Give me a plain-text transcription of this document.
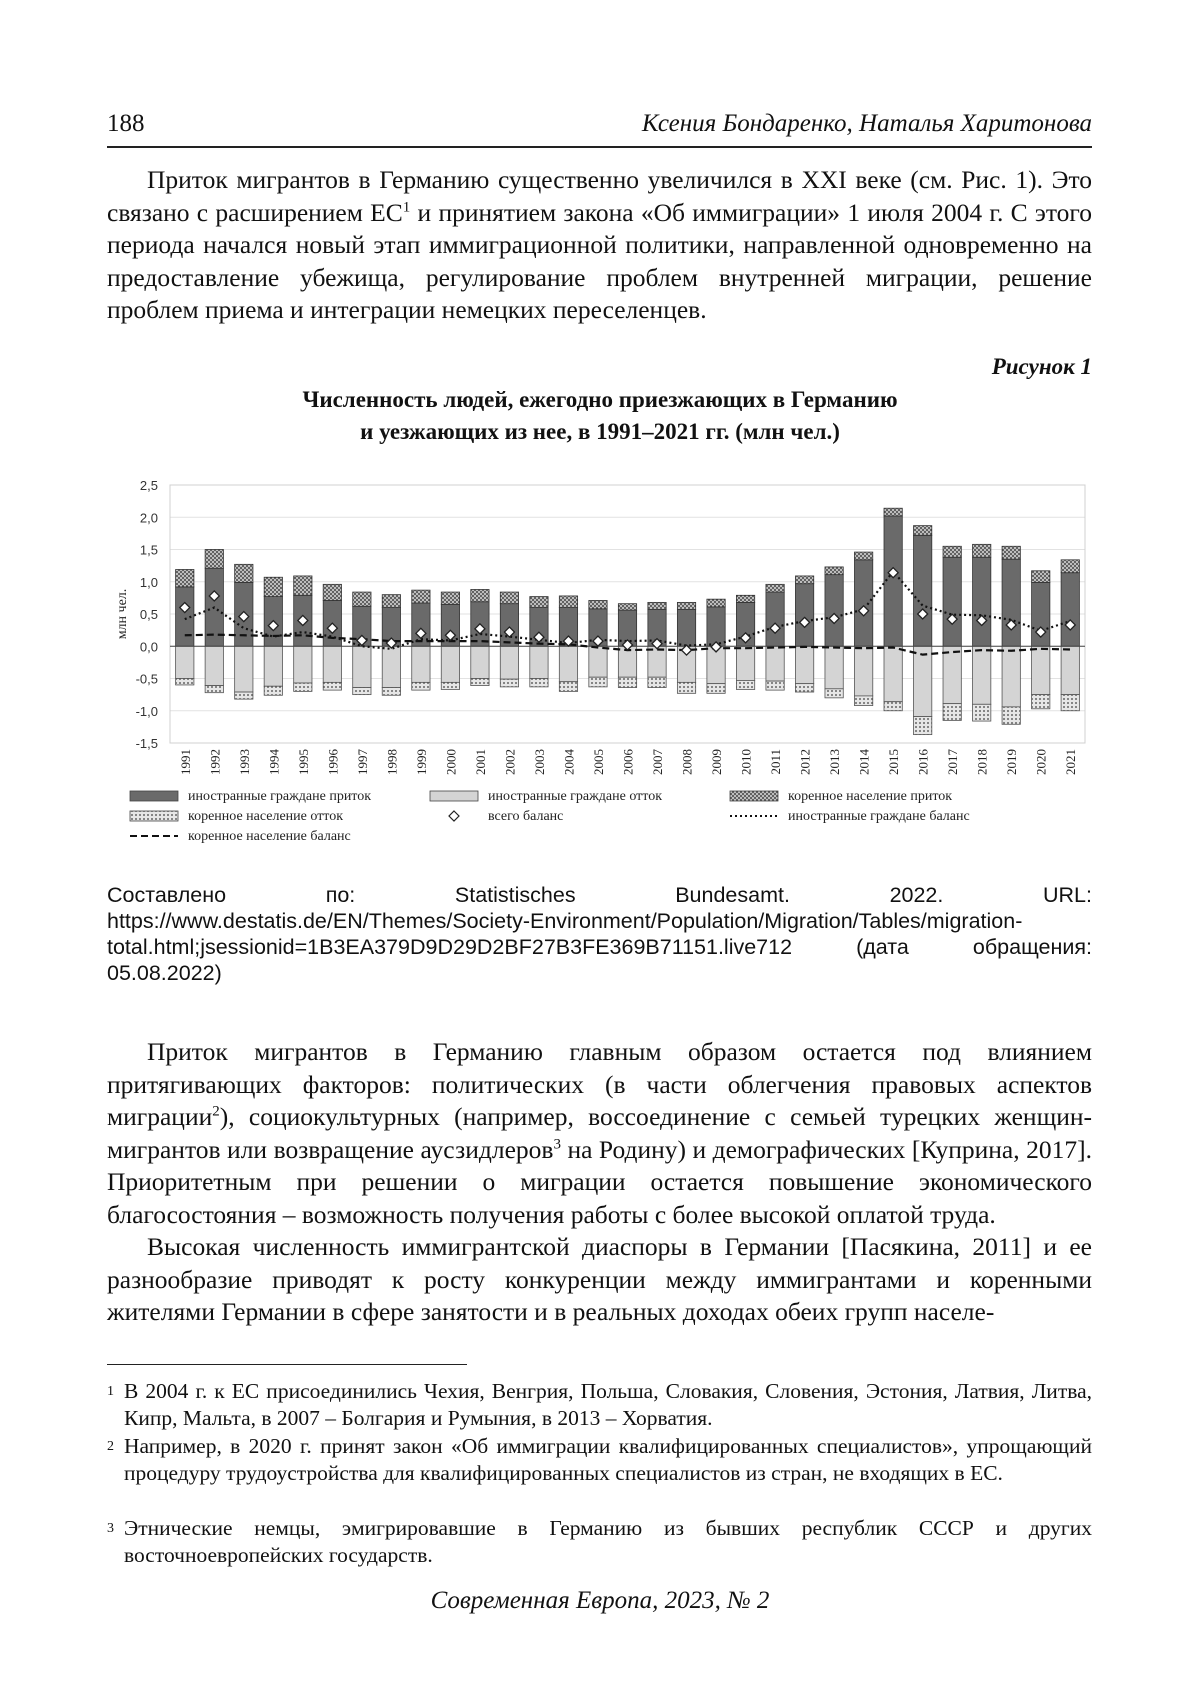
188	Ксения Бондаренко, Наталья Харитонова

Приток мигрантов в Германию существенно увеличился в XXI веке (см. Рис. 1). Это связано с расширением $ЕС^1$ и принятием закона «Об иммиграции» 1 июля 2004 г. С этого периода начался новый этап иммиграционной политики, направленной одновременно на предоставление убежища, регулирование проблем внутренней миграции, решение проблем приема и интеграции немецких переселенцев.

Рисунок 1
Численность людей, ежегодно приезжающих в Германию
и уезжающих из нее, в 1991–2021 гг. (млн чел.)
2,5
2,0
1,5
1,0
0,5
0,0
-0,5
-1,0
-1,5
млн чел.
1991 1992 1993 1994 1995 1996 1997 1998 1999 2000 2001 2002 2003 2004 2005 2006 2007 2008 2009 2010 2011 2012 2013 2014 2015 2016 2017 2018 2019 2020 2021
иностранные граждане приток	иностранные граждане отток	коренное население приток
коренное население отток	всего баланс	иностранные граждане баланс
коренное население баланс
Составлено	по:	Statistisches	Bundesamt.	2022.	URL:
https://www.destatis.de/EN/Themes/Society-Environment/Population/Migration/Tables/migration-
total.html;jsessionid=1B3EA379D9D29D2BF27B3FE369B71151.live712	(дата	обращения:
05.08.2022)

Приток мигрантов в Германию главным образом остается под влиянием притягивающих факторов: политических (в части облегчения правовых аспектов миграции$^2$), социокультурных (например, воссоединение с семьей турецких женщин-мигрантов или возвращение аусзидлеров$^3$ на Родину) и демографических [Куприна, 2017]. Приоритетным при решении о миграции остается повышение экономического благосостояния – возможность получения работы с более высокой оплатой труда.

Высокая численность иммигрантской диаспоры в Германии [Пасякина, 2011] и ее разнообразие приводят к росту конкуренции между иммигрантами и коренными жителями Германии в сфере занятости и в реальных доходах обеих групп населе-

1 В 2004 г. к ЕС присоединились Чехия, Венгрия, Польша, Словакия, Словения, Эстония, Латвия, Литва, Кипр, Мальта, в 2007 – Болгария и Румыния, в 2013 – Хорватия.
2 Например, в 2020 г. принят закон «Об иммиграции квалифицированных специалистов», упрощающий процедуру трудоустройства для квалифицированных специалистов из стран, не входящих в ЕС.
3 Этнические немцы, эмигрировавшие в Германию из бывших республик СССР и других восточноевропейских государств.
Современная Европа, 2023, № 2
